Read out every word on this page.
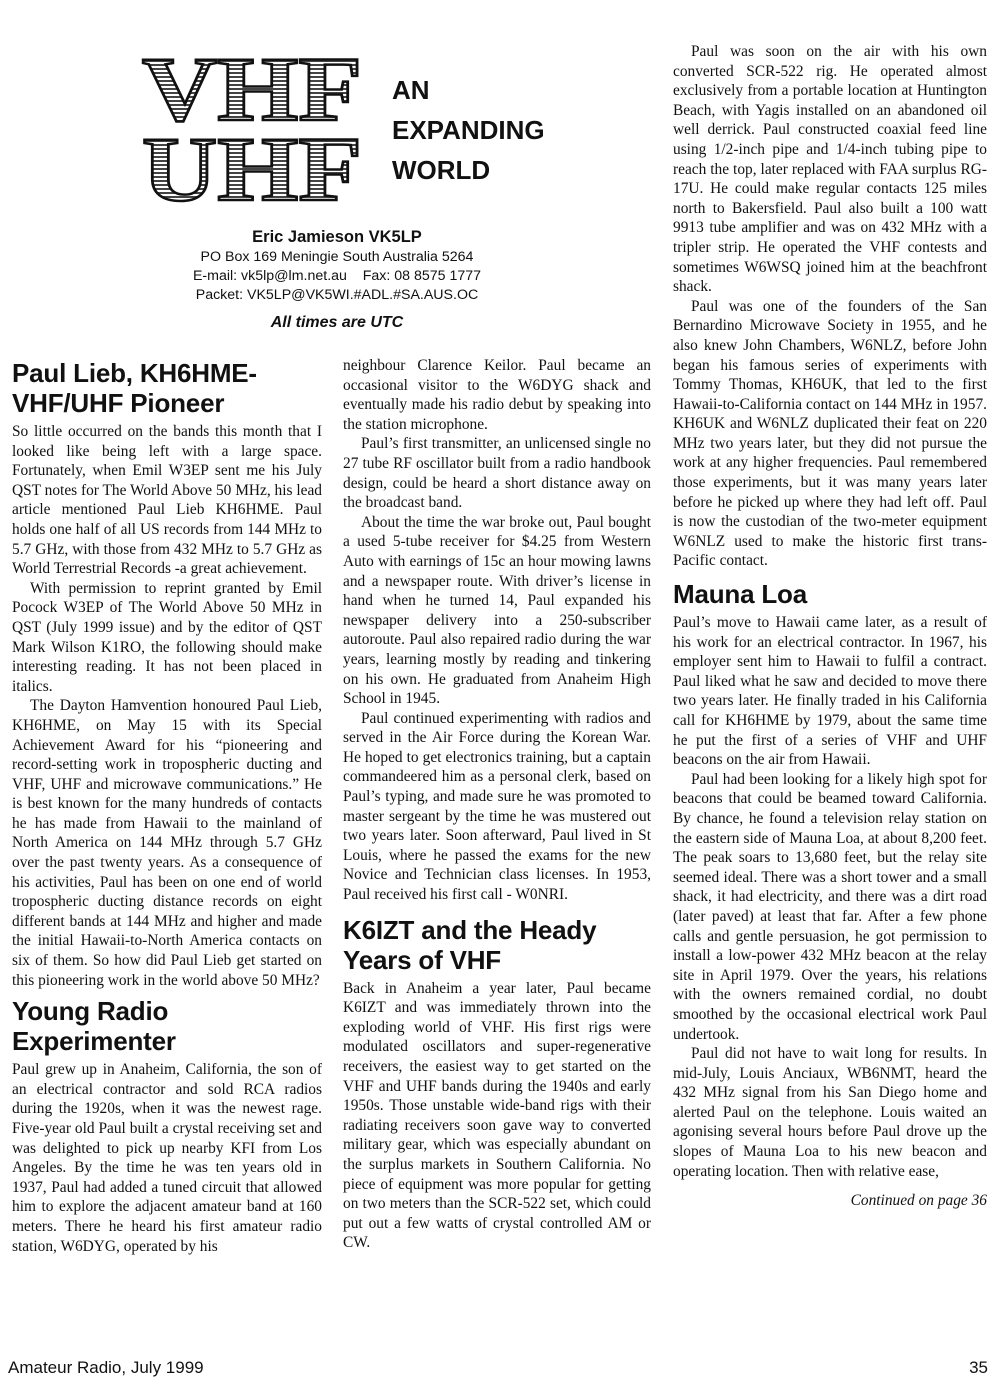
VHF
UHF
AN
EXPANDING
WORLD
Eric Jamieson VK5LP
PO Box 169 Meningie South Australia 5264
E-mail: vk5lp@lm.net.au Fax: 08 8575 1777
Packet: VK5LP@VK5WI.#ADL.#SA.AUS.OC
All times are UTC
Paul Lieb, KH6HME- VHF/UHF Pioneer

So little occurred on the bands this month that I looked like being left with a large space. Fortunately, when Emil W3EP sent me his July QST notes for The World Above 50 MHz, his lead article mentioned Paul Lieb KH6HME. Paul holds one half of all US records from 144 MHz to 5.7 GHz, with those from 432 MHz to 5.7 GHz as World Terrestrial Records -a great achievement.

With permission to reprint granted by Emil Pocock W3EP of The World Above 50 MHz in QST (July 1999 issue) and by the editor of QST Mark Wilson K1RO, the following should make interesting reading. It has not been placed in italics.

The Dayton Hamvention honoured Paul Lieb, KH6HME, on May 15 with its Special Achievement Award for his “pioneering and record-setting work in tropospheric ducting and VHF, UHF and microwave communications.” He is best known for the many hundreds of contacts he has made from Hawaii to the mainland of North America on 144 MHz through 5.7 GHz over the past twenty years. As a consequence of his activities, Paul has been on one end of world tropospheric ducting distance records on eight different bands at 144 MHz and higher and made the initial Hawaii-to-North America contacts on six of them. So how did Paul Lieb get started on this pioneering work in the world above 50 MHz?

Young Radio Experimenter

Paul grew up in Anaheim, California, the son of an electrical contractor and sold RCA radios during the 1920s, when it was the newest rage. Five-year old Paul built a crystal receiving set and was delighted to pick up nearby KFI from Los Angeles. By the time he was ten years old in 1937, Paul had added a tuned circuit that allowed him to explore the adjacent amateur band at 160 meters. There he heard his first amateur radio station, W6DYG, operated by his

neighbour Clarence Keilor. Paul became an occasional visitor to the W6DYG shack and eventually made his radio debut by speaking into the station microphone.

Paul’s first transmitter, an unlicensed single no 27 tube RF oscillator built from a radio handbook design, could be heard a short distance away on the broadcast band.

About the time the war broke out, Paul bought a used 5-tube receiver for $4.25 from Western Auto with earnings of 15c an hour mowing lawns and a newspaper route. With driver’s license in hand when he turned 14, Paul expanded his newspaper delivery into a 250-subscriber autoroute. Paul also repaired radio during the war years, learning mostly by reading and tinkering on his own. He graduated from Anaheim High School in 1945.

Paul continued experimenting with radios and served in the Air Force during the Korean War. He hoped to get electronics training, but a captain commandeered him as a personal clerk, based on Paul’s typing, and made sure he was promoted to master sergeant by the time he was mustered out two years later. Soon afterward, Paul lived in St Louis, where he passed the exams for the new Novice and Technician class licenses. In 1953, Paul received his first call - W0NRI.

K6IZT and the Heady Years of VHF

Back in Anaheim a year later, Paul became K6IZT and was immediately thrown into the exploding world of VHF. His first rigs were modulated oscillators and super-regenerative receivers, the easiest way to get started on the VHF and UHF bands during the 1940s and early 1950s. Those unstable wide-band rigs with their radiating receivers soon gave way to converted military gear, which was especially abundant on the surplus markets in Southern California. No piece of equipment was more popular for getting on two meters than the SCR-522 set, which could put out a few watts of crystal controlled AM or CW.

Paul was soon on the air with his own converted SCR-522 rig. He operated almost exclusively from a portable location at Huntington Beach, with Yagis installed on an abandoned oil well derrick. Paul constructed coaxial feed line using 1/2-inch pipe and 1/4-inch tubing pipe to reach the top, later replaced with FAA surplus RG-17U. He could make regular contacts 125 miles north to Bakersfield. Paul also built a 100 watt 9913 tube amplifier and was on 432 MHz with a tripler strip. He operated the VHF contests and sometimes W6WSQ joined him at the beachfront shack.

Paul was one of the founders of the San Bernardino Microwave Society in 1955, and he also knew John Chambers, W6NLZ, before John began his famous series of experiments with Tommy Thomas, KH6UK, that led to the first Hawaii-to-California contact on 144 MHz in 1957. KH6UK and W6NLZ duplicated their feat on 220 MHz two years later, but they did not pursue the work at any higher frequencies. Paul remembered those experiments, but it was many years later before he picked up where they had left off. Paul is now the custodian of the two-meter equipment W6NLZ used to make the historic first trans-Pacific contact.

Mauna Loa

Paul’s move to Hawaii came later, as a result of his work for an electrical contractor. In 1967, his employer sent him to Hawaii to fulfil a contract. Paul liked what he saw and decided to move there two years later. He finally traded in his California call for KH6HME by 1979, about the same time he put the first of a series of VHF and UHF beacons on the air from Hawaii.

Paul had been looking for a likely high spot for beacons that could be beamed toward California. By chance, he found a television relay station on the eastern side of Mauna Loa, at about 8,200 feet. The peak soars to 13,680 feet, but the relay site seemed ideal. There was a short tower and a small shack, it had electricity, and there was a dirt road (later paved) at least that far. After a few phone calls and gentle persuasion, he got permission to install a low-power 432 MHz beacon at the relay site in April 1979. Over the years, his relations with the owners remained cordial, no doubt smoothed by the occasional electrical work Paul undertook.

Paul did not have to wait long for results. In mid-July, Louis Anciaux, WB6NMT, heard the 432 MHz signal from his San Diego home and alerted Paul on the telephone. Louis waited an agonising several hours before Paul drove up the slopes of Mauna Loa to his new beacon and operating location. Then with relative ease,

Continued on page 36
Amateur Radio, July 1999	35
